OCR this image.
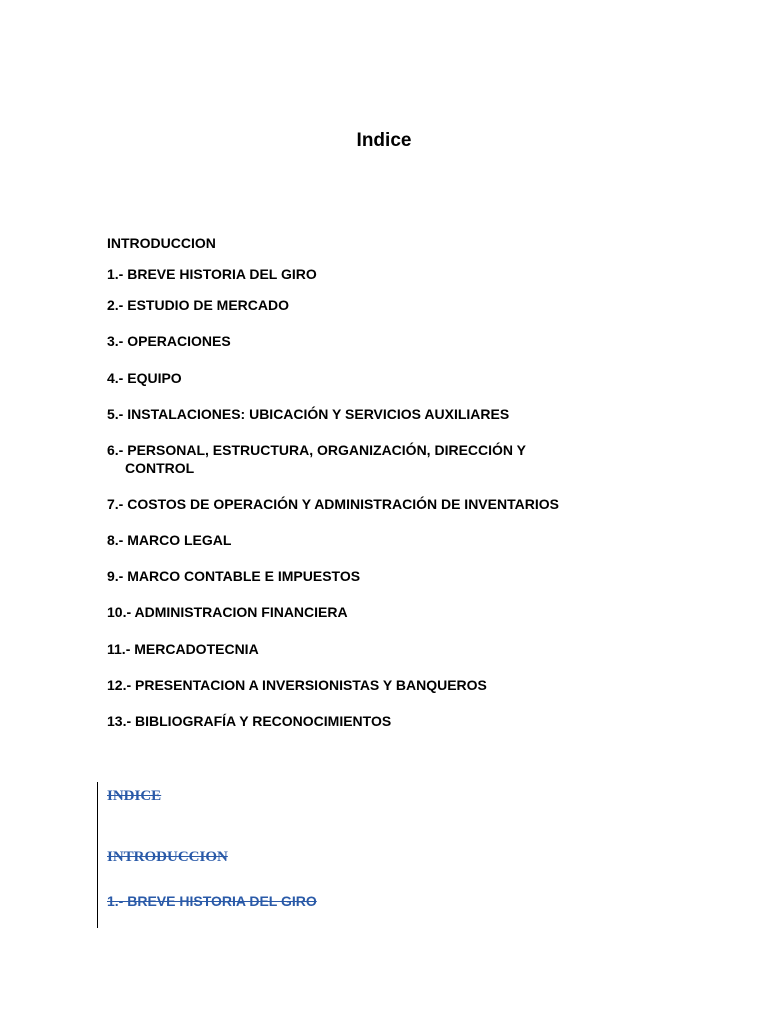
Indice

INTRODUCCION

1.- BREVE HISTORIA DEL GIRO

2.- ESTUDIO DE MERCADO

3.- OPERACIONES

4.- EQUIPO

5.- INSTALACIONES: UBICACIÓN Y SERVICIOS AUXILIARES

6.- PERSONAL, ESTRUCTURA, ORGANIZACIÓN, DIRECCIÓN Y
CONTROL

7.- COSTOS DE OPERACIÓN Y ADMINISTRACIÓN DE INVENTARIOS

8.- MARCO LEGAL

9.- MARCO CONTABLE E IMPUESTOS

10.- ADMINISTRACION FINANCIERA

11.- MERCADOTECNIA

12.- PRESENTACION A INVERSIONISTAS Y BANQUEROS

13.- BIBLIOGRAFÍA Y RECONOCIMIENTOS

INDICE

INTRODUCCION

1.- BREVE HISTORIA DEL GIRO
